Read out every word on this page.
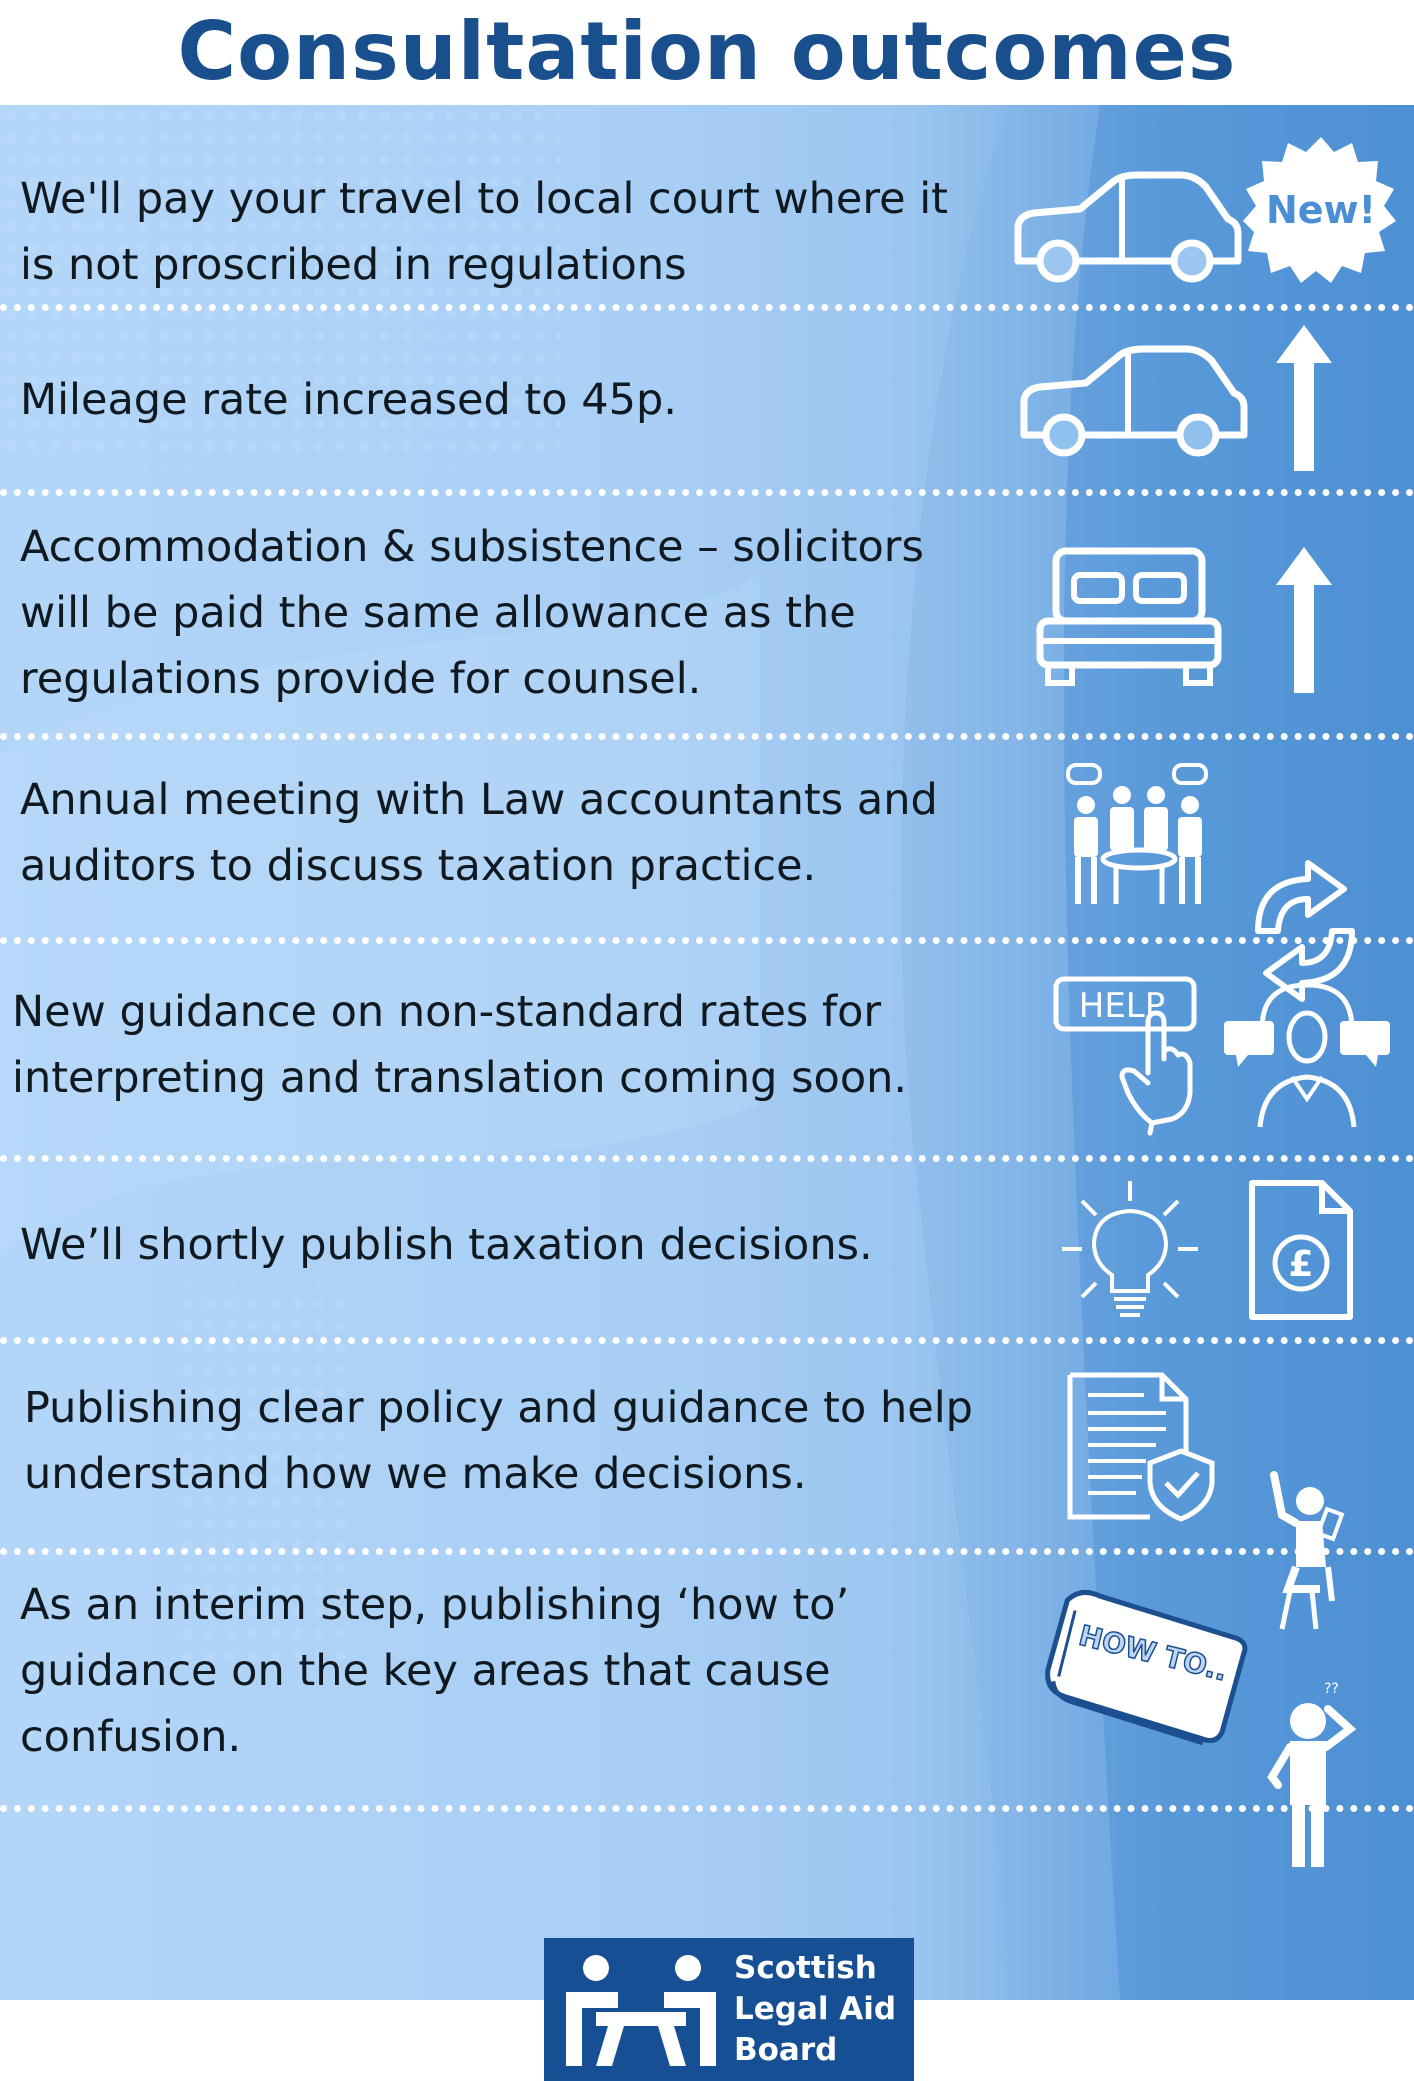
Consultation outcomes
We'll pay your travel to local court where it is not proscribed in regulations
New!
Mileage rate increased to 45p.
Accommodation & subsistence – solicitors will be paid the same allowance as the regulations provide for counsel.
Annual meeting with Law accountants and auditors to discuss taxation practice.
New guidance on non-standard rates for interpreting and translation coming soon.
HELP
We’ll shortly publish taxation decisions.	£
Publishing clear policy and guidance to help understand how we make decisions.
As an interim step, publishing ‘how to’ guidance on the key areas that cause confusion.
HOW TO..
??
Scottish
Legal Aid
Board
